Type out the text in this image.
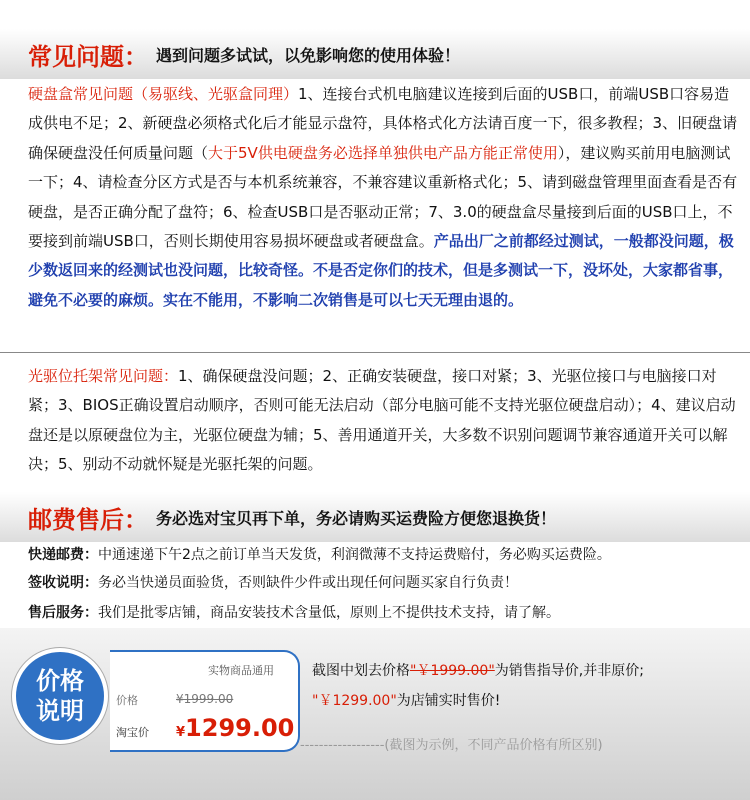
常见问题： 遇到问题多试试，以免影响您的使用体验！
硬盘盒常见问题（易驱线、光驱盒同理）1、连接台式机电脑建议连接到后面的USB口，前端USB口容易造成供电不足；2、新硬盘必须格式化后才能显示盘符，具体格式化方法请百度一下，很多教程；3、旧硬盘请确保硬盘没任何质量问题（大于5V供电硬盘务必选择单独供电产品方能正常使用），建议购买前用电脑测试一下；4、请检查分区方式是否与本机系统兼容，不兼容建议重新格式化；5、请到磁盘管理里面查看是否有硬盘，是否正确分配了盘符；6、检查USB口是否驱动正常；7、3.0的硬盘盒尽量接到后面的USB口上，不要接到前端USB口，否则长期使用容易损坏硬盘或者硬盘盒。产品出厂之前都经过测试，一般都没问题，极少数返回来的经测试也没问题，比较奇怪。不是否定你们的技术，但是多测试一下，没坏处，大家都省事，避免不必要的麻烦。实在不能用，不影响二次销售是可以七天无理由退的。
光驱位托架常见问题：1、确保硬盘没问题；2、正确安装硬盘，接口对紧；3、光驱位接口与电脑接口对紧；3、BIOS正确设置启动顺序，否则可能无法启动（部分电脑可能不支持光驱位硬盘启动）；4、建议启动盘还是以原硬盘位为主，光驱位硬盘为辅；5、善用通道开关，大多数不识别问题调节兼容通道开关可以解决；5、别动不动就怀疑是光驱托架的问题。
邮费售后： 务必选对宝贝再下单，务必请购买运费险方便您退换货！
快递邮费：中通速递下午2点之前订单当天发货，利润微薄不支持运费赔付，务必购买运费险。
签收说明：务必当快递员面验货，否则缺件少件或出现任何问题买家自行负责！
售后服务：我们是批零店铺，商品安装技术含量低，原则上不提供技术支持，请了解。
实物商品通用
价格	¥1999.00
淘宝价 ¥1299.00
价格
说明
截图中划去价格"￥1999.00"为销售指导价,并非原价;
"￥1299.00"为店铺实时售价!
------------------(截图为示例，不同产品价格有所区别)
